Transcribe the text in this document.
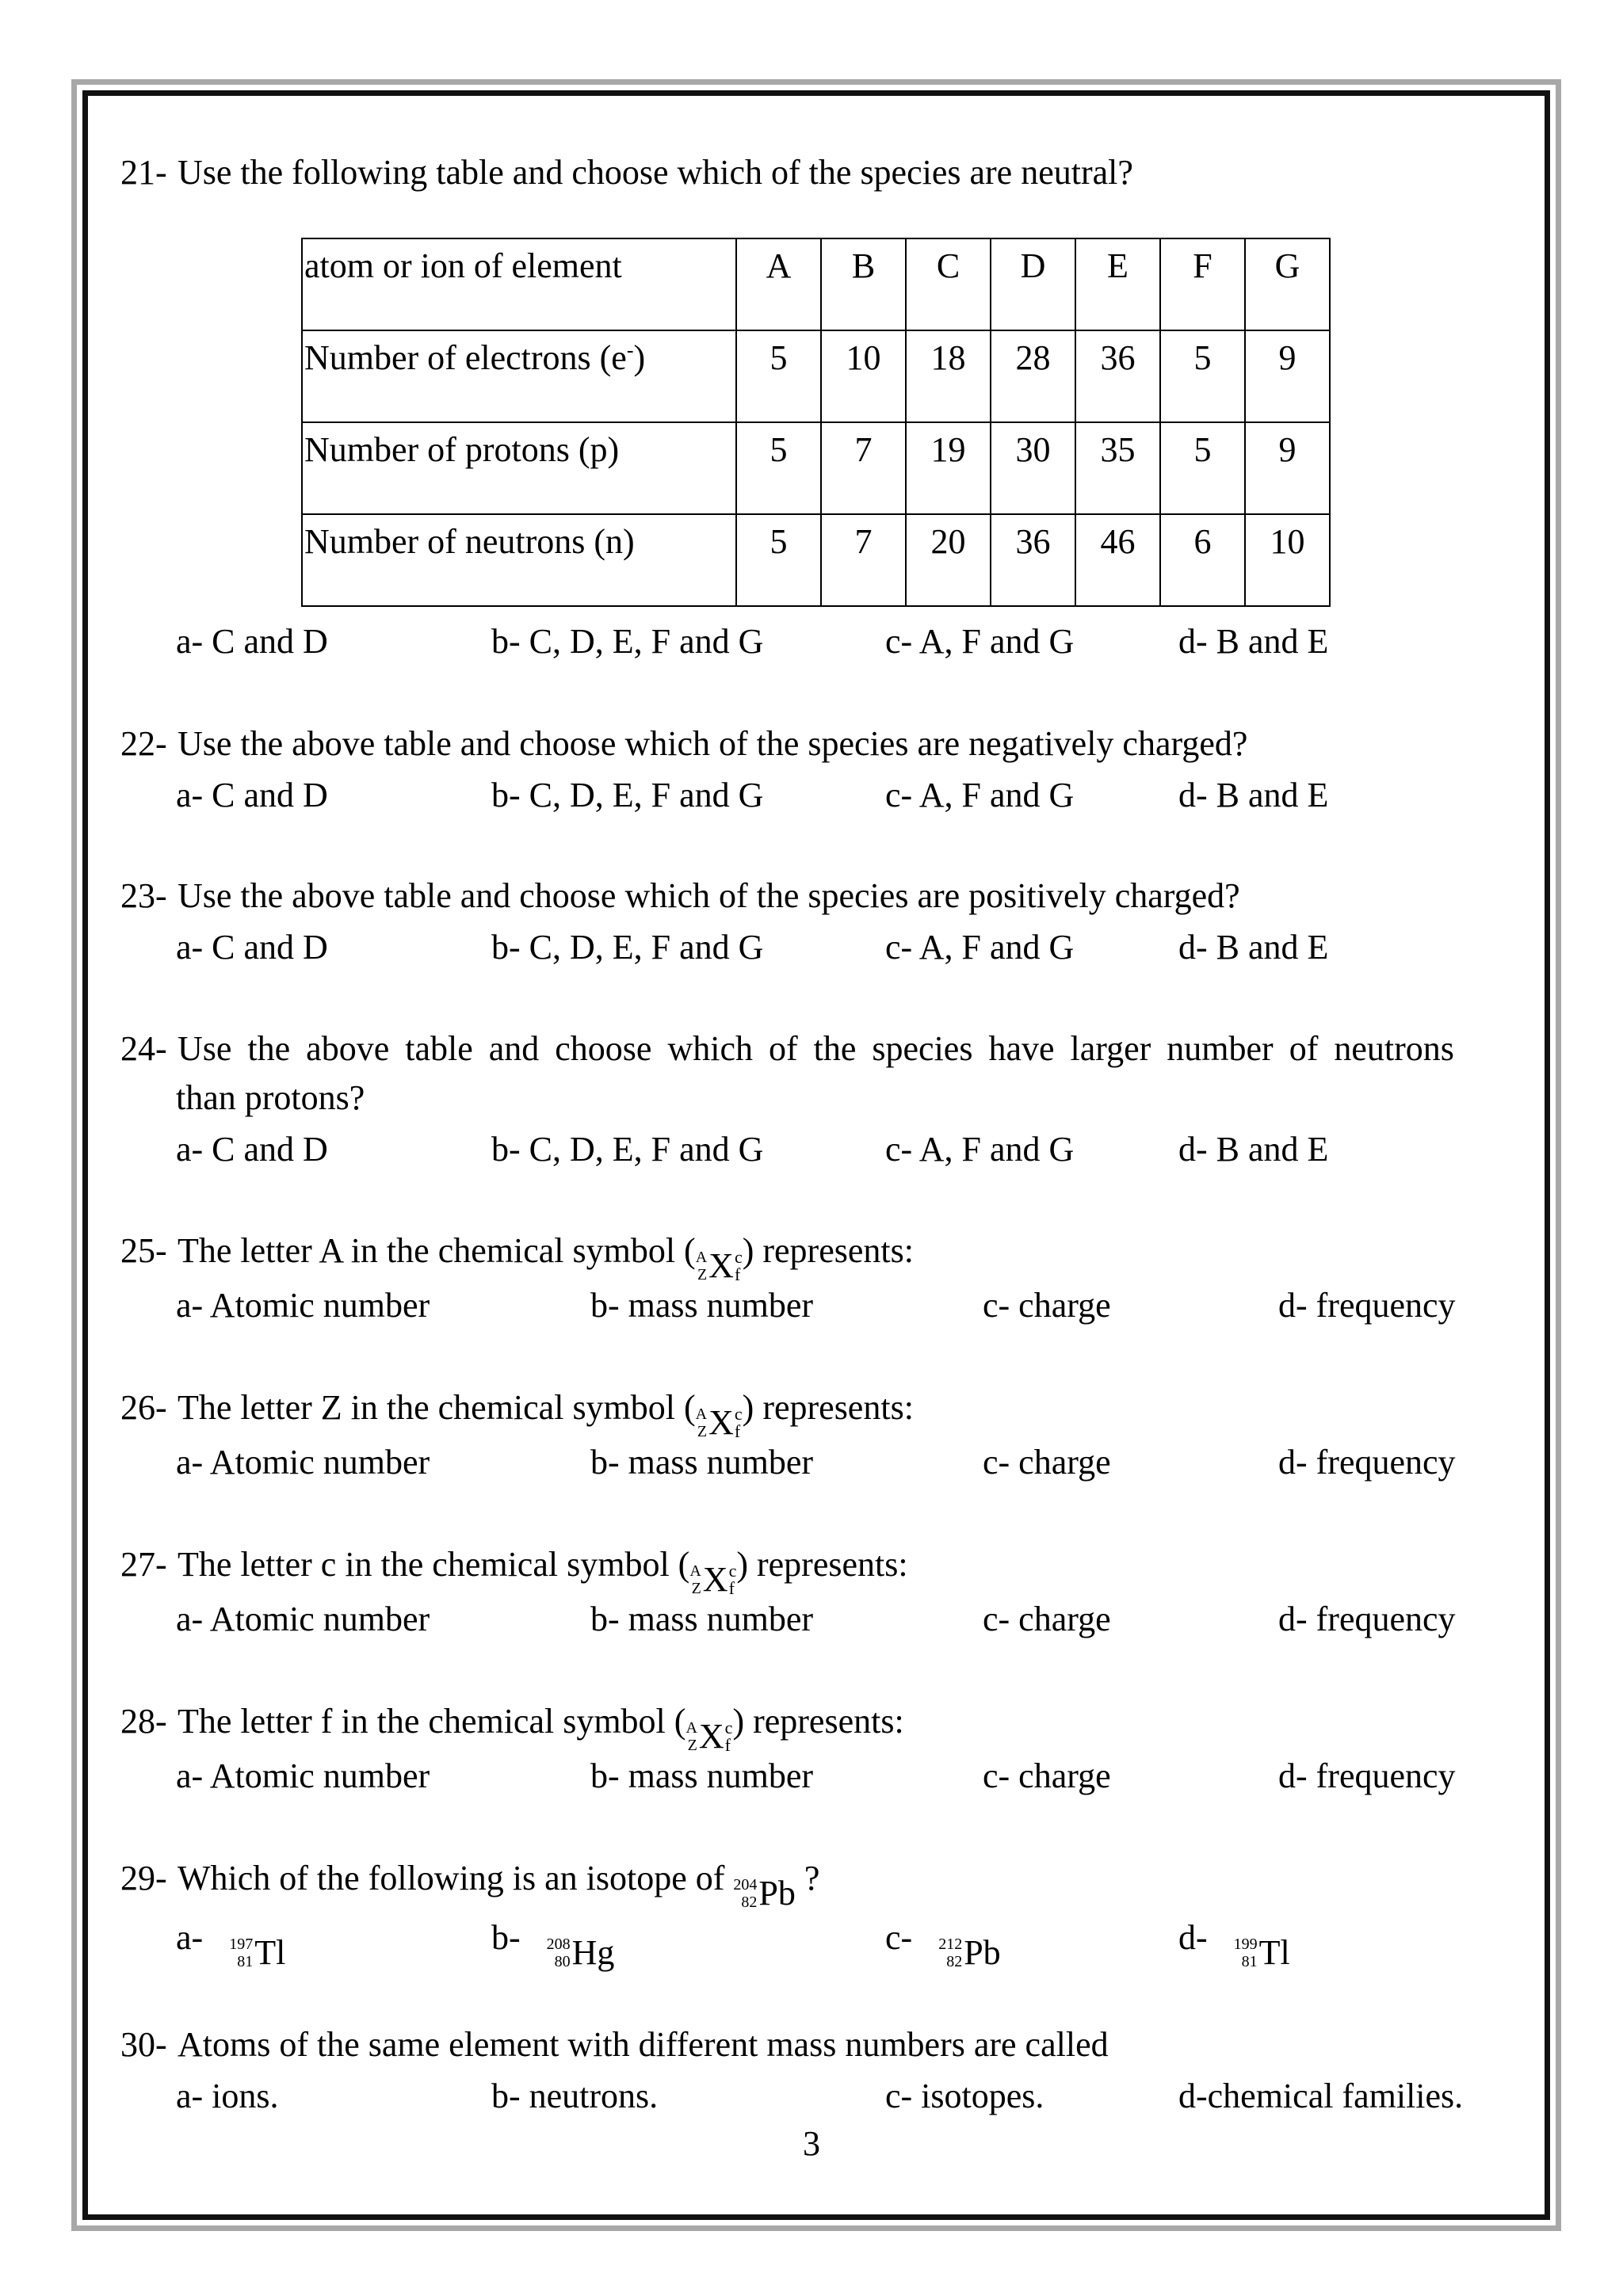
21- Use the following table and choose which of the species are neutral?
atom or ion of element	A	B	C	D	E	F	G
Number of electrons (e-)	5	10	18	28	36	5	9
Number of protons (p)	5	7	19	30	35	5	9
Number of neutrons (n)	5	7	20	36	46	6	10
a- C and D	b- C, D, E, F and G	c- A, F and G	d- B and E
22- Use the above table and choose which of the species are negatively charged?
a- C and D	b- C, D, E, F and G	c- A, F and G	d- B and E
23- Use the above table and choose which of the species are positively charged?
a- C and D	b- C, D, E, F and G	c- A, F and G	d- B and E
24- Use the above table and choose which of the species have larger number of neutrons
than protons?
a- C and D	b- C, D, E, F and G	c- A, F and G	d- B and E
25- The letter A in the chemical symbol ( A
Z X c
f
) represents:
a- Atomic number	b- mass number	c- charge	d- frequency
26- The letter Z in the chemical symbol ( A
Z X c
f
) represents:
a- Atomic number	b- mass number	c- charge	d- frequency
27- The letter c in the chemical symbol ( A
Z X c
f
) represents:
a- Atomic number	b- mass number	c- charge	d- frequency
28- The letter f in the chemical symbol ( A
Z X c
f
) represents:
a- Atomic number	b- mass number	c- charge	d- frequency
29- Which of the following is an isotope of 204
82 Pb ?
a- 197
81 Tl	b- 208
80 Hg	c- 212
82 Pb	d- 199
81 Tl
30- Atoms of the same element with different mass numbers are called
a- ions.	b- neutrons.	c- isotopes.	d-chemical families.
3
